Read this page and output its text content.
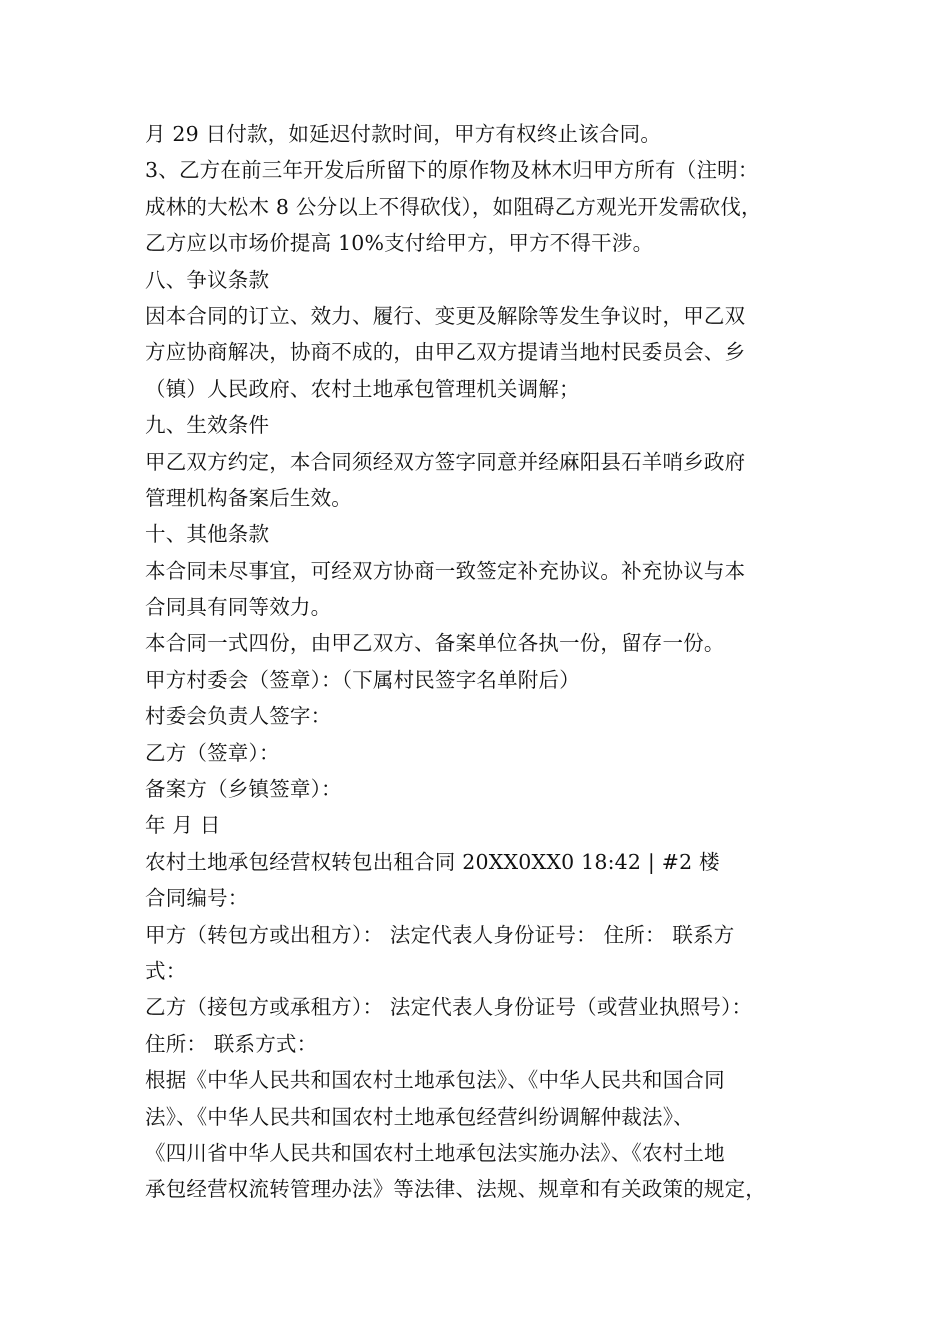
月 29 日付款，如延迟付款时间，甲方有权终止该合同。
3、乙方在前三年开发后所留下的原作物及林木归甲方所有（注明：
成林的大松木 8 公分以上不得砍伐），如阻碍乙方观光开发需砍伐，
乙方应以市场价提高 10%支付给甲方，甲方不得干涉。
八、争议条款
因本合同的订立、效力、履行、变更及解除等发生争议时，甲乙双
方应协商解决，协商不成的，由甲乙双方提请当地村民委员会、乡
（镇）人民政府、农村土地承包管理机关调解；
九、生效条件
甲乙双方约定，本合同须经双方签字同意并经麻阳县石羊哨乡政府
管理机构备案后生效。
十、其他条款
本合同未尽事宜，可经双方协商一致签定补充协议。补充协议与本
合同具有同等效力。
本合同一式四份，由甲乙双方、备案单位各执一份，留存一份。
甲方村委会（签章）：（下属村民签字名单附后）
村委会负责人签字：
乙方（签章）：
备案方（乡镇签章）：
年 月 日
农村土地承包经营权转包出租合同 20XX0XX0 18:42 | #2 楼
合同编号：
甲方（转包方或出租方）： 法定代表人身份证号： 住所： 联系方
式：
乙方（接包方或承租方）： 法定代表人身份证号（或营业执照号）：
住所： 联系方式：
根据《中华人民共和国农村土地承包法》、《中华人民共和国合同
法》、《中华人民共和国农村土地承包经营纠纷调解仲裁法》、
《四川省中华人民共和国农村土地承包法实施办法》、《农村土地
承包经营权流转管理办法》等法律、法规、规章和有关政策的规定，
